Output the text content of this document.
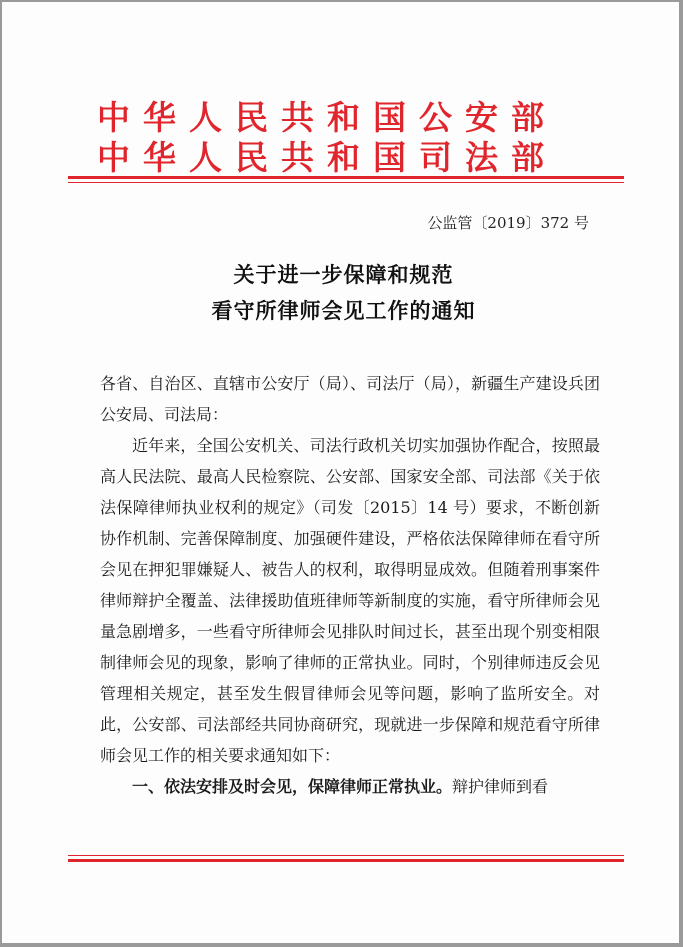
中华人民共和国公安部
中华人民共和国司法部
公监管〔2019〕372 号
关于进一步保障和规范
看守所律师会见工作的通知

各省、自治区、直辖市公安厅（局）、司法厅（局），新疆生产建设兵团公安局、司法局：

近年来，全国公安机关、司法行政机关切实加强协作配合，按照最高人民法院、最高人民检察院、公安部、国家安全部、司法部《关于依法保障律师执业权利的规定》（司发〔2015〕14 号）要求，不断创新协作机制、完善保障制度、加强硬件建设，严格依法保障律师在看守所会见在押犯罪嫌疑人、被告人的权利，取得明显成效。但随着刑事案件律师辩护全覆盖、法律援助值班律师等新制度的实施，看守所律师会见量急剧增多，一些看守所律师会见排队时间过长，甚至出现个别变相限制律师会见的现象，影响了律师的正常执业。同时，个别律师违反会见管理相关规定，甚至发生假冒律师会见等问题，影响了监所安全。对此，公安部、司法部经共同协商研究，现就进一步保障和规范看守所律师会见工作的相关要求通知如下：

一、依法安排及时会见，保障律师正常执业。辩护律师到看
